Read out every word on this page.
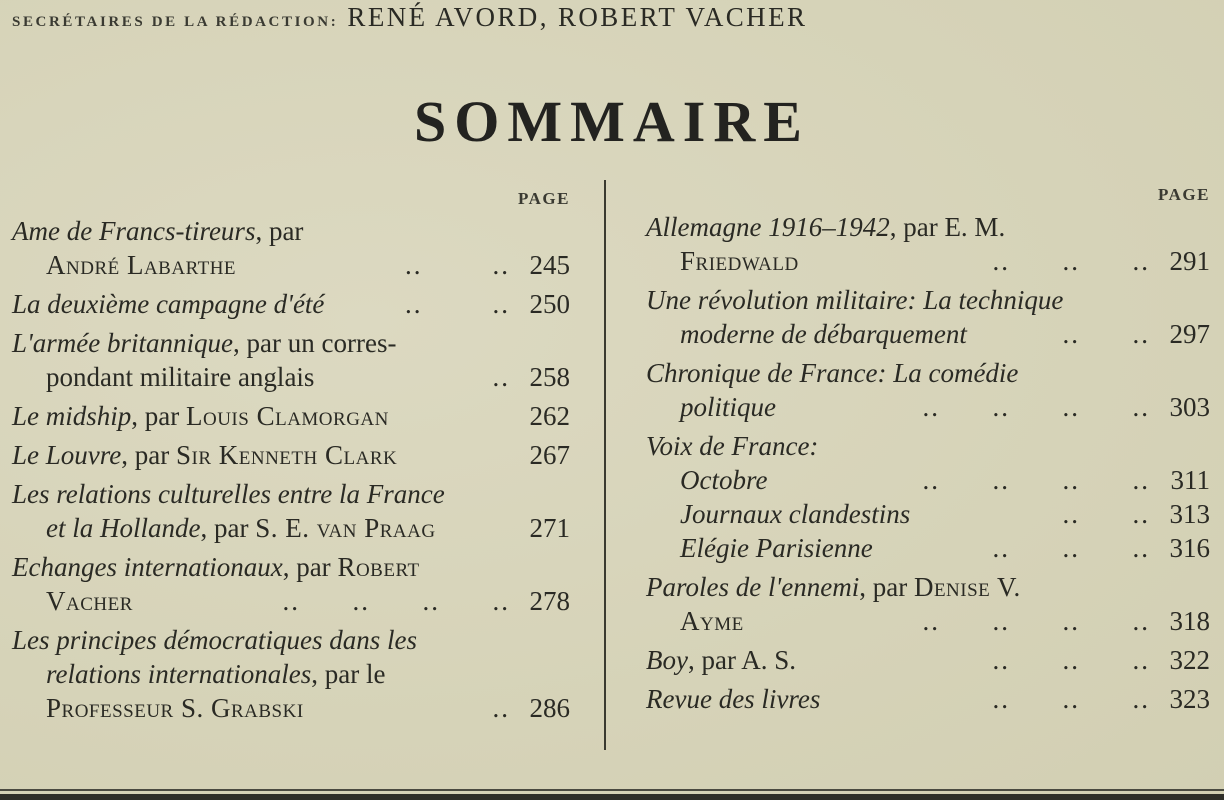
SECRÉTAIRES DE LA RÉDACTION: RENÉ AVORD, ROBERT VACHER
SOMMAIRE
PAGE
Ame de Francs-tireurs, par
André Labarthe	..        .. 245
La deuxième campagne d'été	..        .. 250
L'armée britannique, par un corres-
pondant militaire anglais	.. 258
Le midship, par Louis Clamorgan	262
Le Louvre, par Sir Kenneth Clark	267
Les relations culturelles entre la France
et la Hollande, par S. E. van Praag	271
Echanges internationaux, par Robert
Vacher	..      ..      ..      .. 278
Les principes démocratiques dans les
relations internationales, par le
Professeur S. Grabski	.. 286
PAGE
Allemagne 1916–1942, par E. M.
Friedwald	..      ..      .. 291
Une révolution militaire: La technique
moderne de débarquement	..      .. 297
Chronique de France: La comédie
politique	..      ..      ..      .. 303
Voix de France:
Octobre	..      ..      ..      .. 311
Journaux clandestins	..      .. 313
Elégie Parisienne	..      ..      .. 316
Paroles de l'ennemi, par Denise V.
Ayme	..      ..      ..      .. 318
Boy, par A. S.	..      ..      .. 322
Revue des livres	..      ..      .. 323
